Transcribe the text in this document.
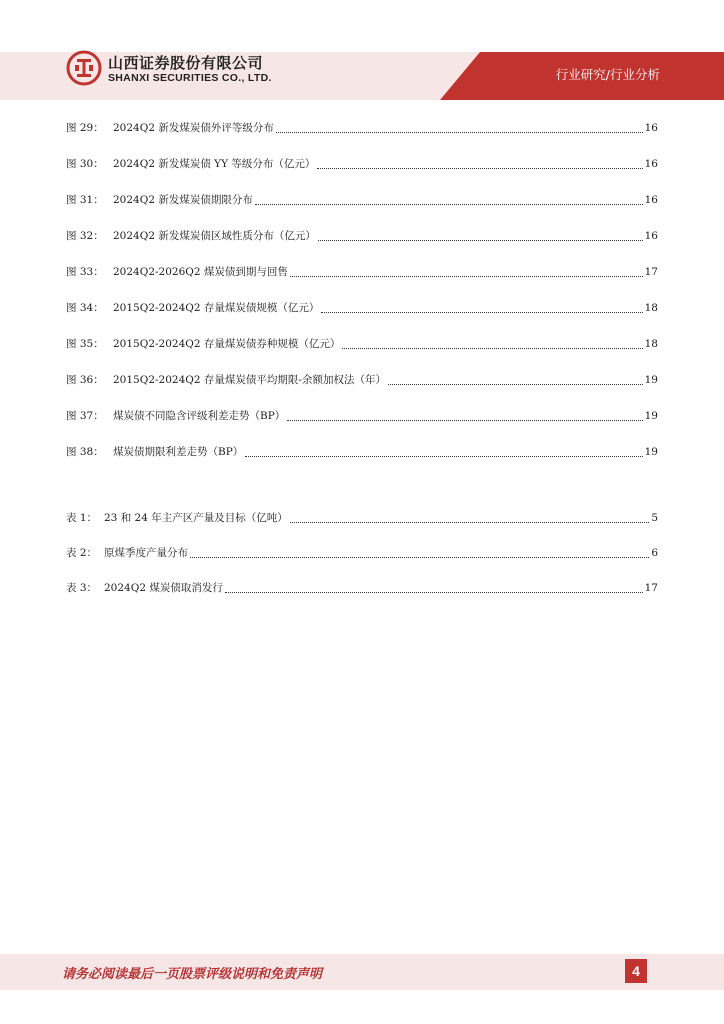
山西证券股份有限公司
SHANXI SECURITIES CO., LTD.	行业研究/行业分析
图 29： 2024Q2 新发煤炭债外评等级分布	16
图 30： 2024Q2 新发煤炭债 YY 等级分布（亿元）	16
图 31： 2024Q2 新发煤炭债期限分布	16
图 32： 2024Q2 新发煤炭债区域性质分布（亿元）	16
图 33： 2024Q2-2026Q2 煤炭债到期与回售	17
图 34： 2015Q2-2024Q2 存量煤炭债规模（亿元）	18
图 35： 2015Q2-2024Q2 存量煤炭债券种规模（亿元）	18
图 36： 2015Q2-2024Q2 存量煤炭债平均期限-余额加权法（年）	19
图 37： 煤炭债不同隐含评级利差走势（BP）	19
图 38： 煤炭债期限利差走势（BP）	19
表 1： 23 和 24 年主产区产量及目标（亿吨）	5
表 2： 原煤季度产量分布	6
表 3： 2024Q2 煤炭债取消发行	17
请务必阅读最后一页股票评级说明和免责声明	4
